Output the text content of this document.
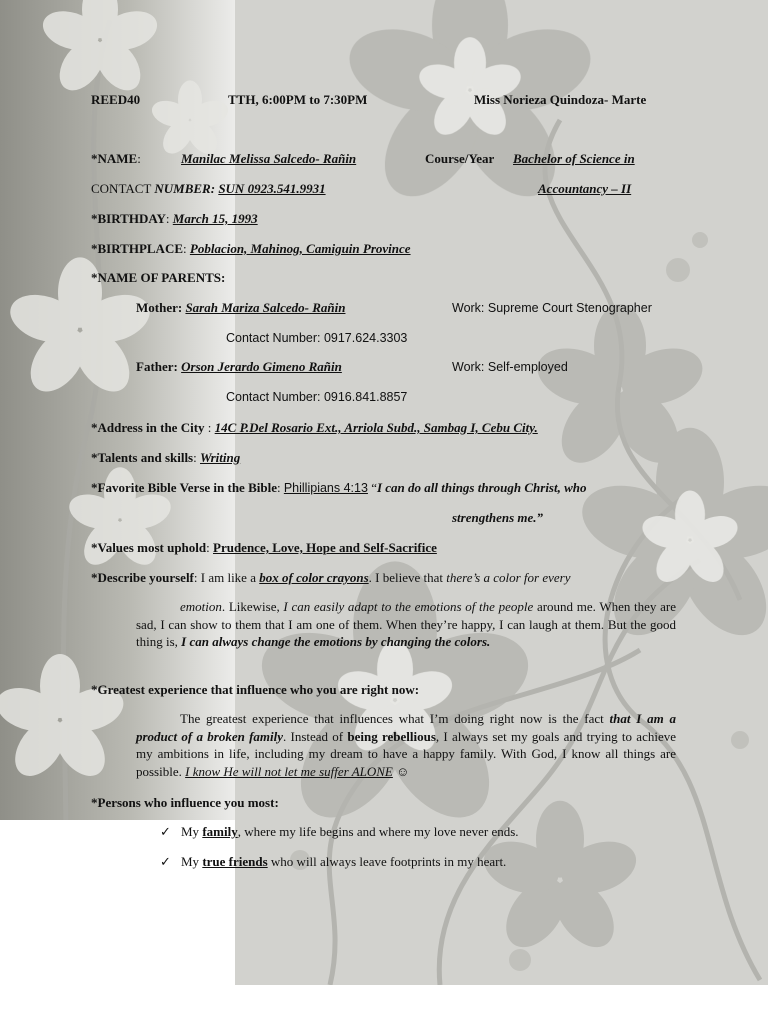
REED40	TTH, 6:00PM to 7:30PM	Miss Norieza Quindoza- Marte
*NAME:	Manilac Melissa Salcedo- Rañin	Course/Year Bachelor of Science in
CONTACT NUMBER: SUN 0923.541.9931	Accountancy – II
*BIRTHDAY: March 15, 1993
*BIRTHPLACE: Poblacion, Mahinog, Camiguin Province
*NAME OF PARENTS:
Mother: Sarah Mariza Salcedo- Rañin	Work: Supreme Court Stenographer
Contact Number: 0917.624.3303
Father: Orson Jerardo Gimeno Rañin	Work: Self-employed
Contact Number: 0916.841.8857
*Address in the City : 14C P.Del Rosario Ext., Arriola Subd., Sambag I, Cebu City.
*Talents and skills: Writing
*Favorite Bible Verse in the Bible: Phillipians 4:13 “I can do all things through Christ, who
strengthens me.”
*Values most uphold: Prudence, Love, Hope and Self-Sacrifice
*Describe yourself: I am like a box of color crayons. I believe that there’s a color for every
emotion. Likewise, I can easily adapt to the emotions of the people around me. When they are sad, I can show to them that I am one of them. When they’re happy, I can laugh at them. But the good thing is, I can always change the emotions by changing the colors.
*Greatest experience that influence who you are right now:
The greatest experience that influences what I’m doing right now is the fact that I am a product of a broken family. Instead of being rebellious, I always set my goals and trying to achieve my ambitions in life, including my dream to have a happy family. With God, I know all things are possible. I know He will not let me suffer ALONE ☺
*Persons who influence you most:
✓ My family, where my life begins and where my love never ends.
✓ My true friends who will always leave footprints in my heart.
